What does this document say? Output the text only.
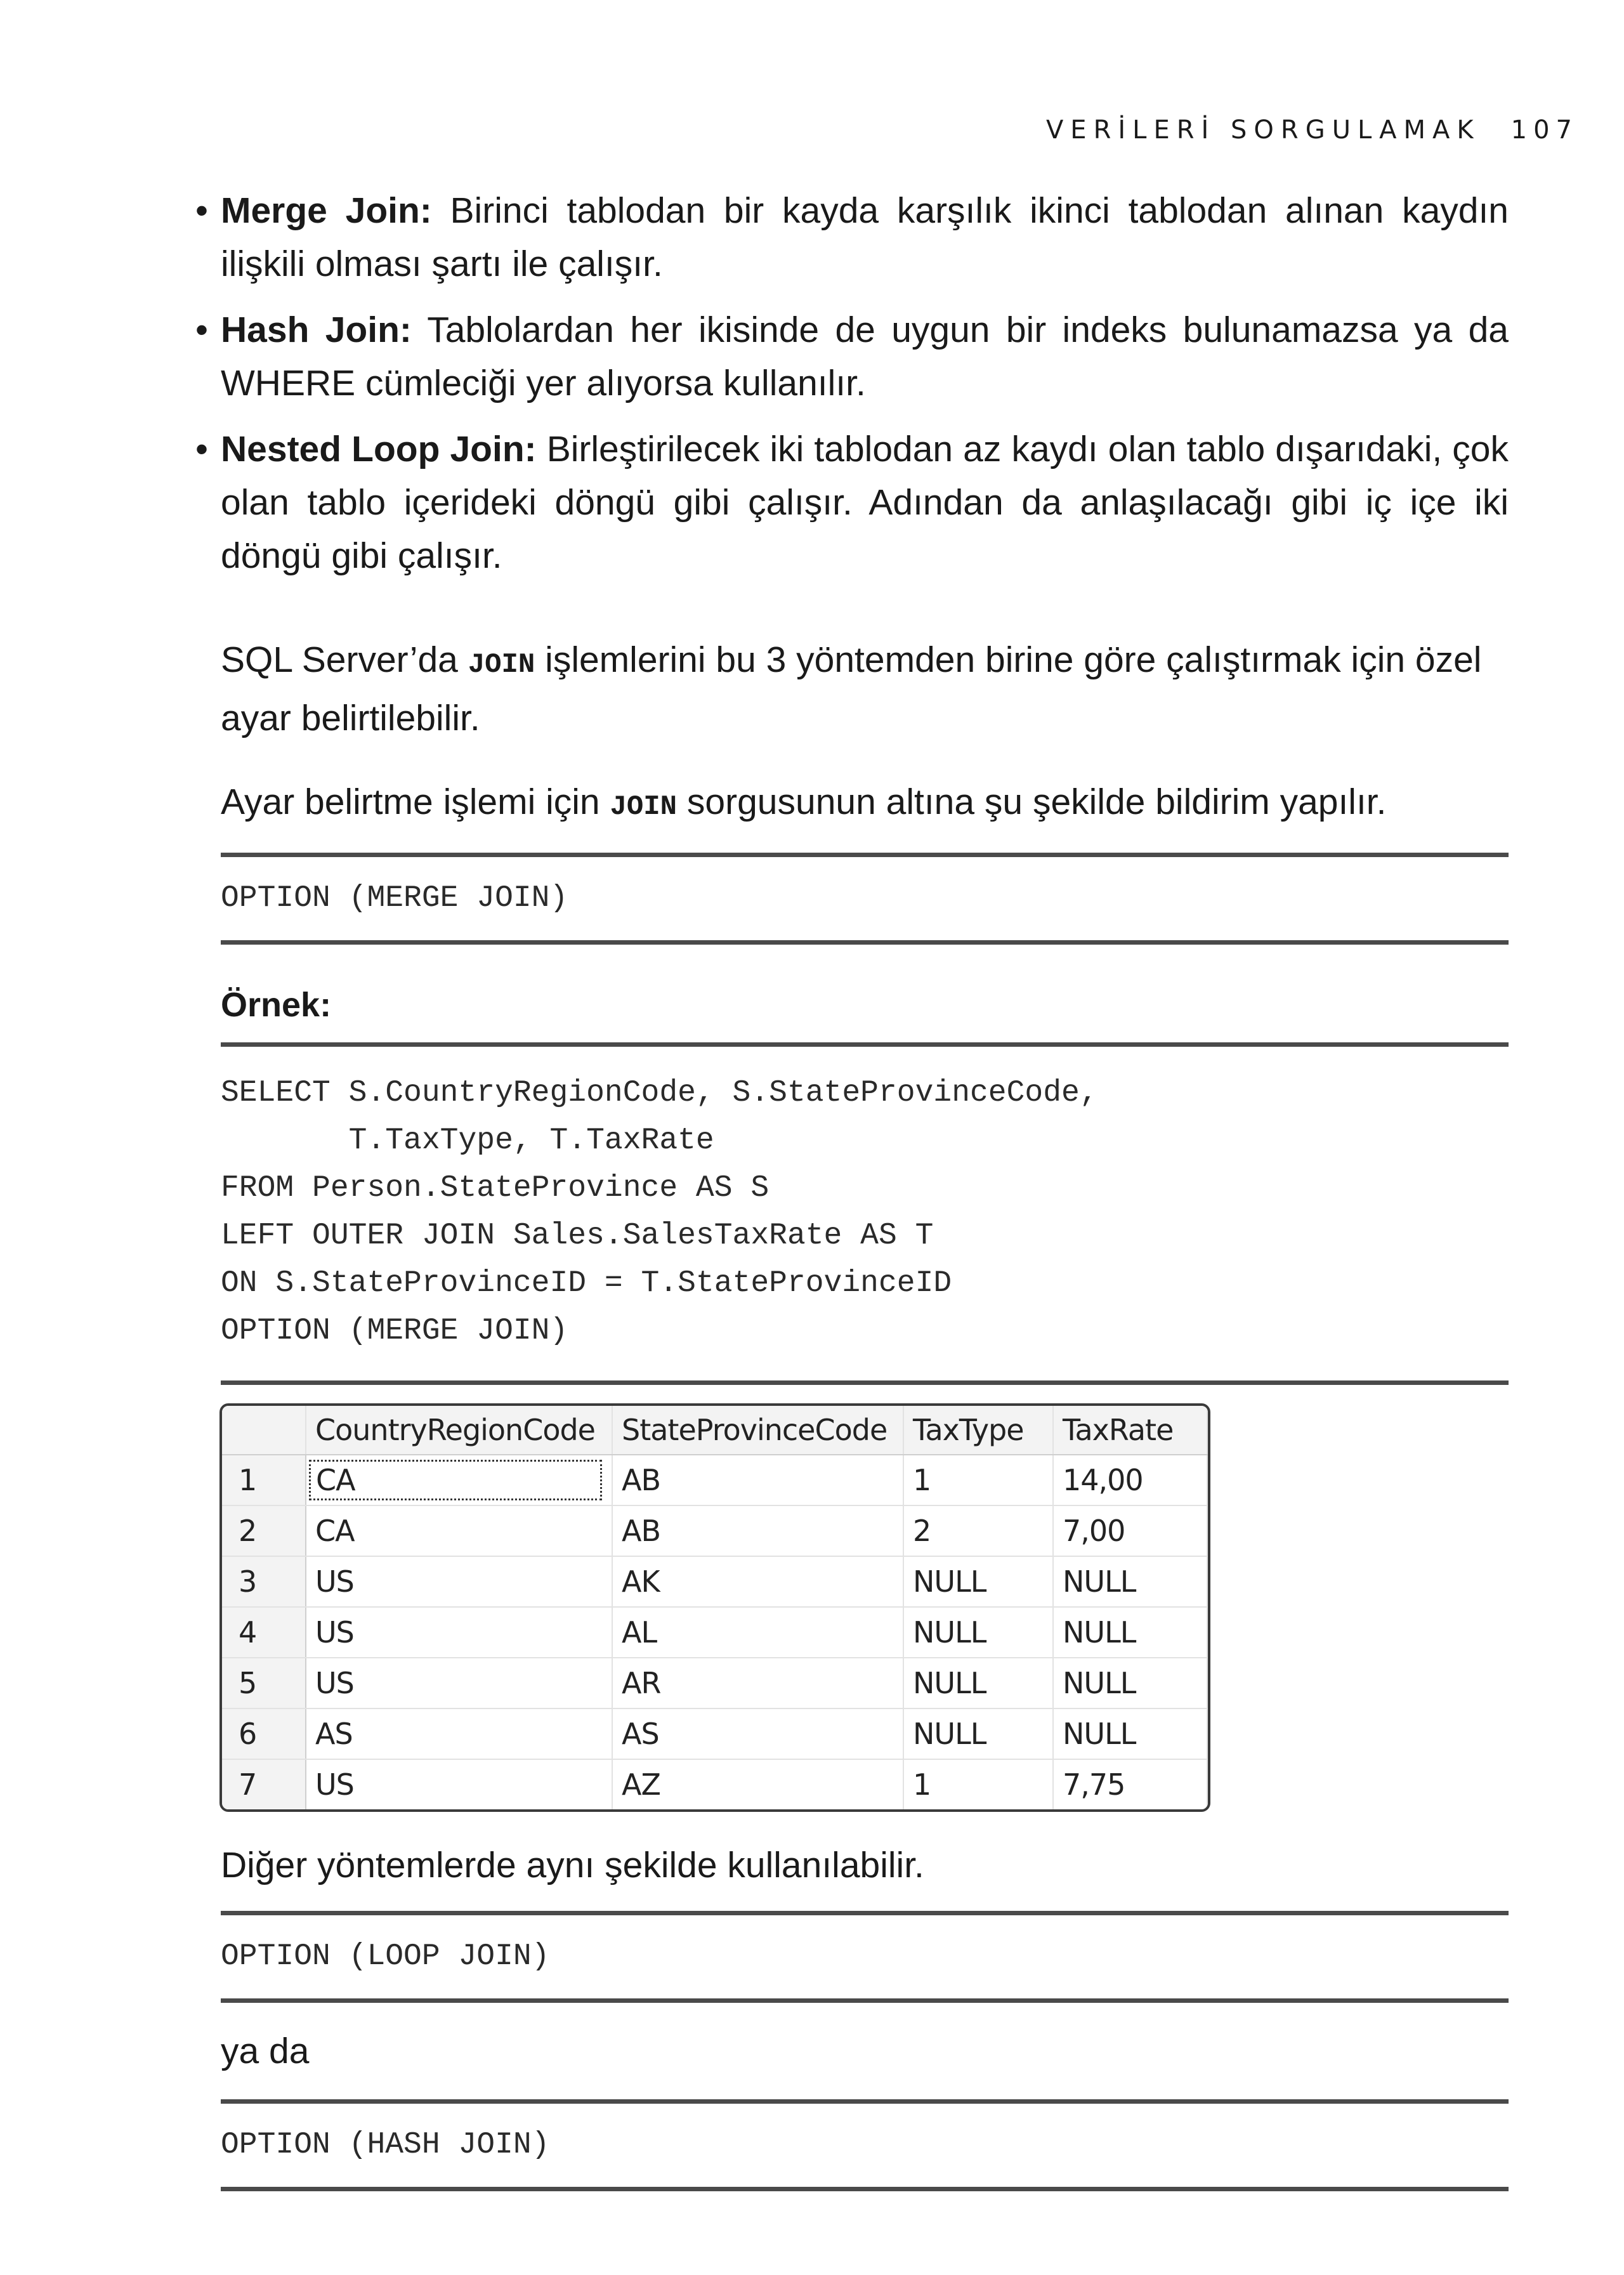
VERİLERİ SORGULAMAK 107
• Merge Join: Birinci tablodan bir kayda karşılık ikinci tablodan alınan kaydın ilişkili olması şartı ile çalışır.
• Hash Join: Tablolardan her ikisinde de uygun bir indeks bulunamazsa ya da WHERE cümleciği yer alıyorsa kullanılır.
• Nested Loop Join: Birleştirilecek iki tablodan az kaydı olan tablo dışarıdaki, çok olan tablo içerideki döngü gibi çalışır. Adından da anlaşılacağı gibi iç içe iki döngü gibi çalışır.

SQL Server’da JOIN işlemlerini bu 3 yöntemden birine göre çalıştırmak için özel ayar belirtilebilir.

Ayar belirtme işlemi için JOIN sorgusunun altına şu şekilde bildirim yapılır.

OPTION (MERGE JOIN)

Örnek:

SELECT S.CountryRegionCode, S.StateProvinceCode,
T.TaxType, T.TaxRate
FROM Person.StateProvince AS S
LEFT OUTER JOIN Sales.SalesTaxRate AS T
ON S.StateProvinceID = T.StateProvinceID
OPTION (MERGE JOIN)
	CountryRegionCode	StateProvinceCode	TaxType	TaxRate
1	CA	AB	1	14,00
2	CA	AB	2	7,00
3	US	AK	NULL	NULL
4	US	AL	NULL	NULL
5	US	AR	NULL	NULL
6	AS	AS	NULL	NULL
7	US	AZ	1	7,75

Diğer yöntemlerde aynı şekilde kullanılabilir.

OPTION (LOOP JOIN)

ya da

OPTION (HASH JOIN)
